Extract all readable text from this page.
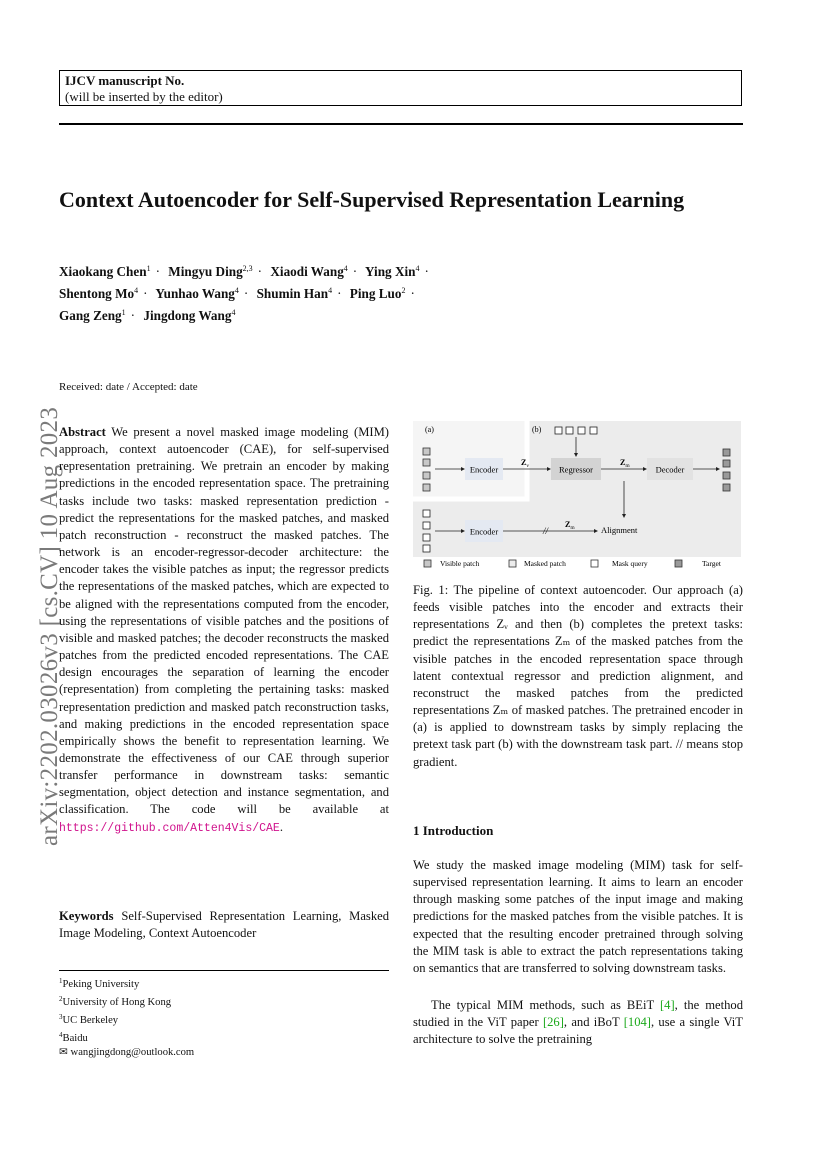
IJCV manuscript No.
(will be inserted by the editor)
Context Autoencoder for Self-Supervised Representation Learning
Xiaokang Chen$^1$ · Mingyu Ding$^{2,3}$ · Xiaodi Wang$^4$ · Ying Xin$^4$ ·
Shentong $Mo^4$ · Yunhao Wang$^4$ · Shumin Han$^4$ · Ping Luo$^2$ ·
Gang Zeng$^1$ · Jingdong Wang$^4$
arXiv:2202.03026v3 [cs.CV] 10 Aug 2023
Received: date / Accepted: date
Abstract We present a novel masked image modeling (MIM) approach, context autoencoder (CAE), for self-supervised representation pretraining. We pretrain an encoder by making predictions in the encoded representation space. The pretraining tasks include two tasks: masked representation prediction - predict the representations for the masked patches, and masked patch reconstruction - reconstruct the masked patches. The network is an encoder-regressor-decoder architecture: the encoder takes the visible patches as input; the regressor predicts the representations of the masked patches, which are expected to be aligned with the representations computed from the encoder, using the representations of visible patches and the positions of visible and masked patches; the decoder reconstructs the masked patches from the predicted encoded representations. The CAE design encourages the separation of learning the encoder (representation) from completing the pertaining tasks: masked representation prediction and masked patch reconstruction tasks, and making predictions in the encoded representation space empirically shows the benefit to representation learning. We demonstrate the effectiveness of our CAE through superior transfer performance in downstream tasks: semantic segmentation, object detection and instance segmentation, and classification. The code will be available at https://github.com/Atten4Vis/CAE.
Keywords Self-Supervised Representation Learning, Masked Image Modeling, Context Autoencoder
$^1$Peking University
$^2$University of Hong Kong
$^3$UC Berkeley
$^4$Baidu
✉ wangjingdong@outlook.com
(a)	(b)
Encoder
$Z_v$	Regressor
$Z_m$	Decoder
Encoder	//
$Z_m$	Alignment
Visible patch	Masked patch	Mask query	Target
Fig. 1: The pipeline of context autoencoder. Our approach (a) feeds visible patches into the encoder and extracts their representations Zᵥ and then (b) completes the pretext tasks: predict the representations Zₘ of the masked patches from the visible patches in the encoded representation space through latent contextual regressor and prediction alignment, and reconstruct the masked patches from the predicted representations Zₘ of masked patches. The pretrained encoder in (a) is applied to downstream tasks by simply replacing the pretext task part (b) with the downstream task part. // means stop gradient.
1 Introduction
We study the masked image modeling (MIM) task for self-supervised representation learning. It aims to learn an encoder through masking some patches of the input image and making predictions for the masked patches from the visible patches. It is expected that the resulting encoder pretrained through solving the MIM task is able to extract the patch representations taking on semantics that are transferred to solving downstream tasks.
The typical MIM methods, such as BEiT [4], the method studied in the ViT paper [26], and iBoT [104], use a single ViT architecture to solve the pretraining
